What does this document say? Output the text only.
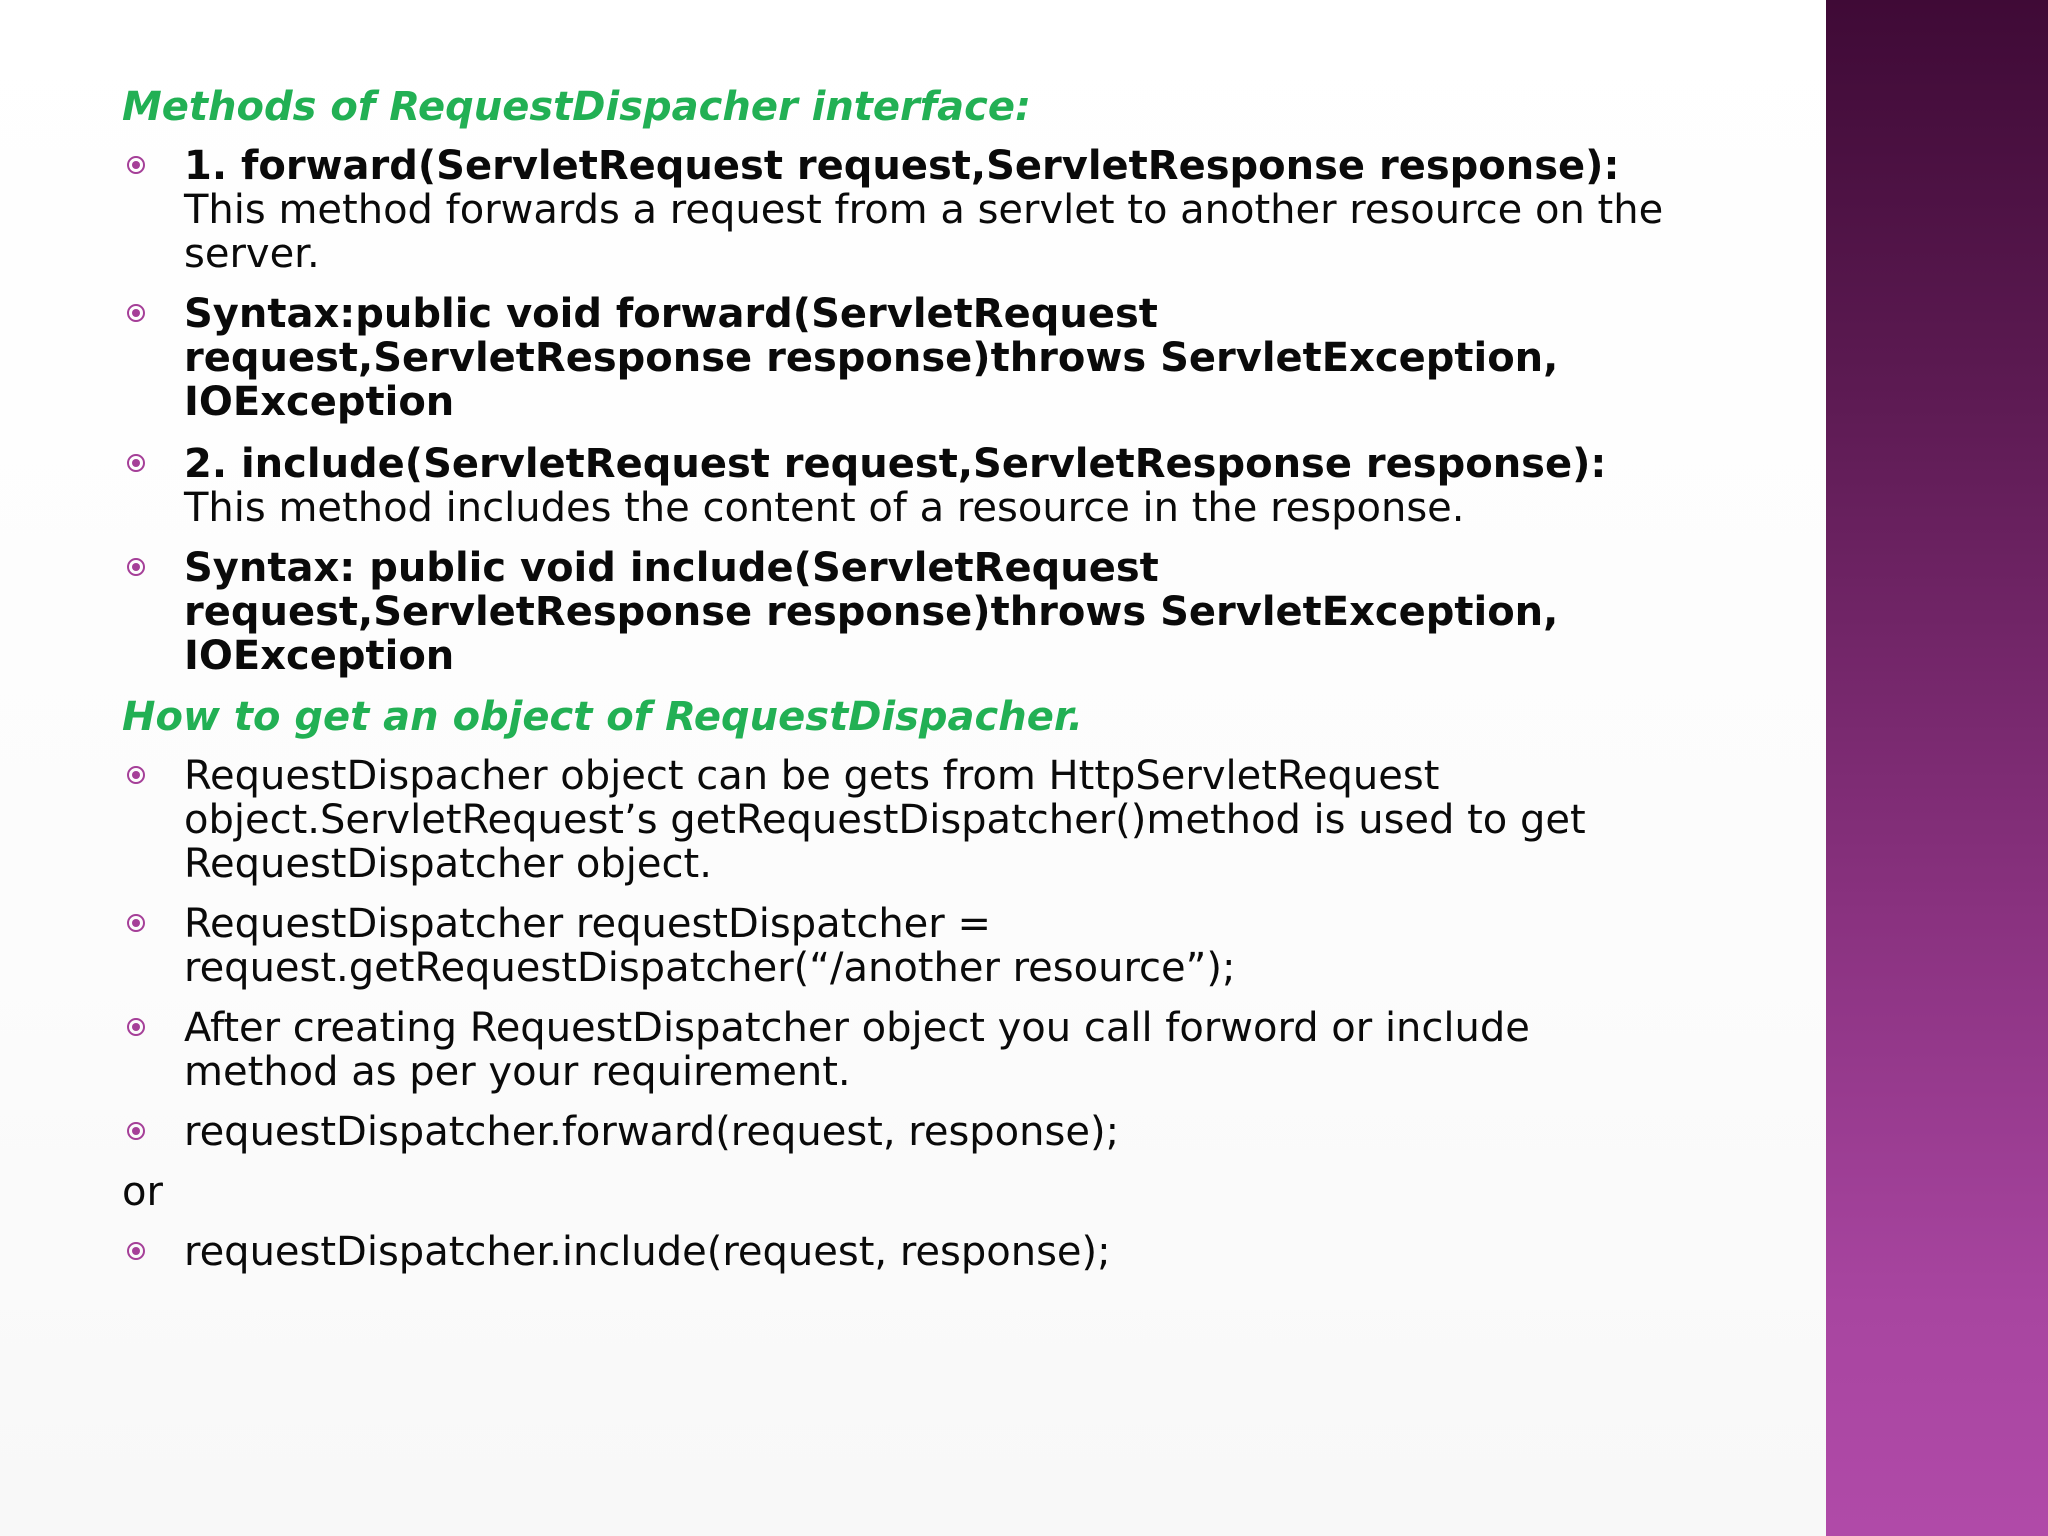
Methods of RequestDispacher interface:
1. forward(ServletRequest request,ServletResponse response): This method forwards a request from a servlet to another resource on the server.
Syntax:public void forward(ServletRequest request,ServletResponse response)throws ServletException, IOException
2. include(ServletRequest request,ServletResponse response): This method includes the content of a resource in the response.
Syntax: public void include(ServletRequest request,ServletResponse response)throws ServletException, IOException
How to get an object of RequestDispacher.
RequestDispacher object can be gets from HttpServletRequest object.ServletRequest’s getRequestDispatcher()method is used to get RequestDispatcher object.
RequestDispatcher requestDispatcher = request.getRequestDispatcher(“/another resource”);
After creating RequestDispatcher object you call forword or include method as per your requirement.
requestDispatcher.forward(request, response);
or
requestDispatcher.include(request, response);
